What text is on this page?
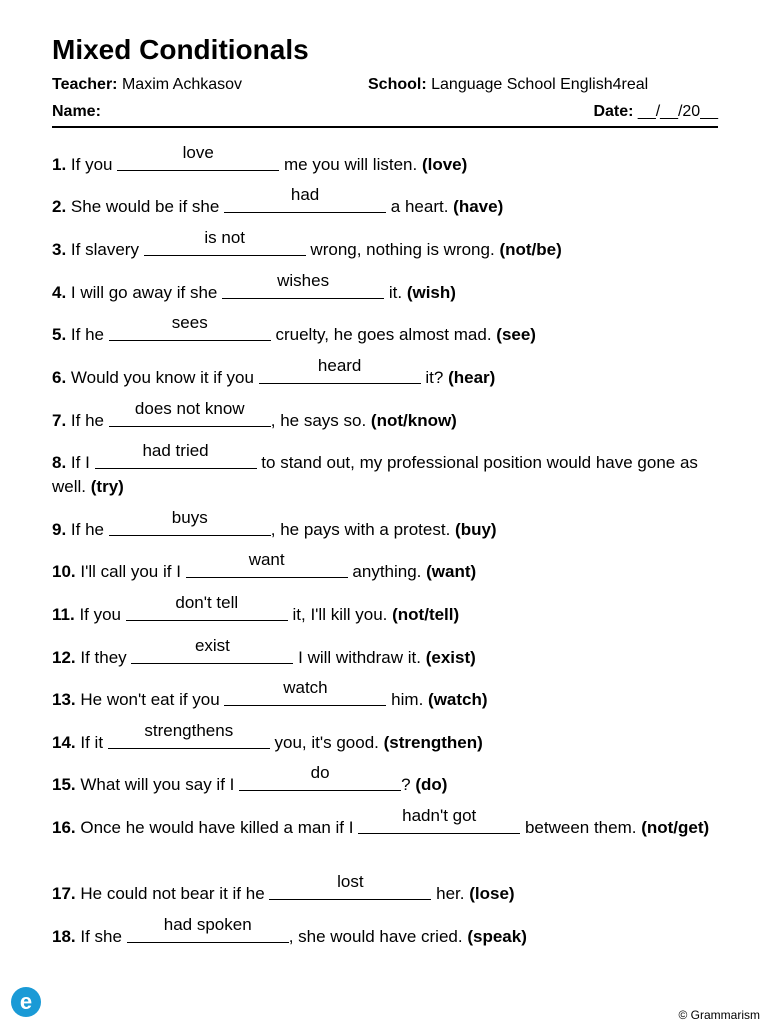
Mixed Conditionals
Teacher: Maxim Achkasov	School: Language School English4real
Name:	Date: __/__/20__
1. If you
love
me you will listen. (love)
2. She would be if she
had
a heart. (have)
3. If slavery
is not
wrong, nothing is wrong. (not/be)
4. I will go away if she
wishes
it. (wish)
5. If he
sees
cruelty, he goes almost mad. (see)
6. Would you know it if you
heard
it? (hear)
7. If he
does not know
, he says so. (not/know)
8. If I
had tried
to stand out, my professional position would have gone as well. (try)
9. If he
buys
, he pays with a protest. (buy)
10. I'll call you if I
want
anything. (want)
11. If you
don't tell
it, I'll kill you. (not/tell)
12. If they
exist
I will withdraw it. (exist)
13. He won't eat if you
watch
him. (watch)
14. If it
strengthens
you, it's good. (strengthen)
15. What will you say if I
do
? (do)
16. Once he would have killed a man if I
hadn't got
between them. (not/get)
17. He could not bear it if he
lost
her. (lose)
18. If she
had spoken
, she would have cried. (speak)
e
© Grammarism
